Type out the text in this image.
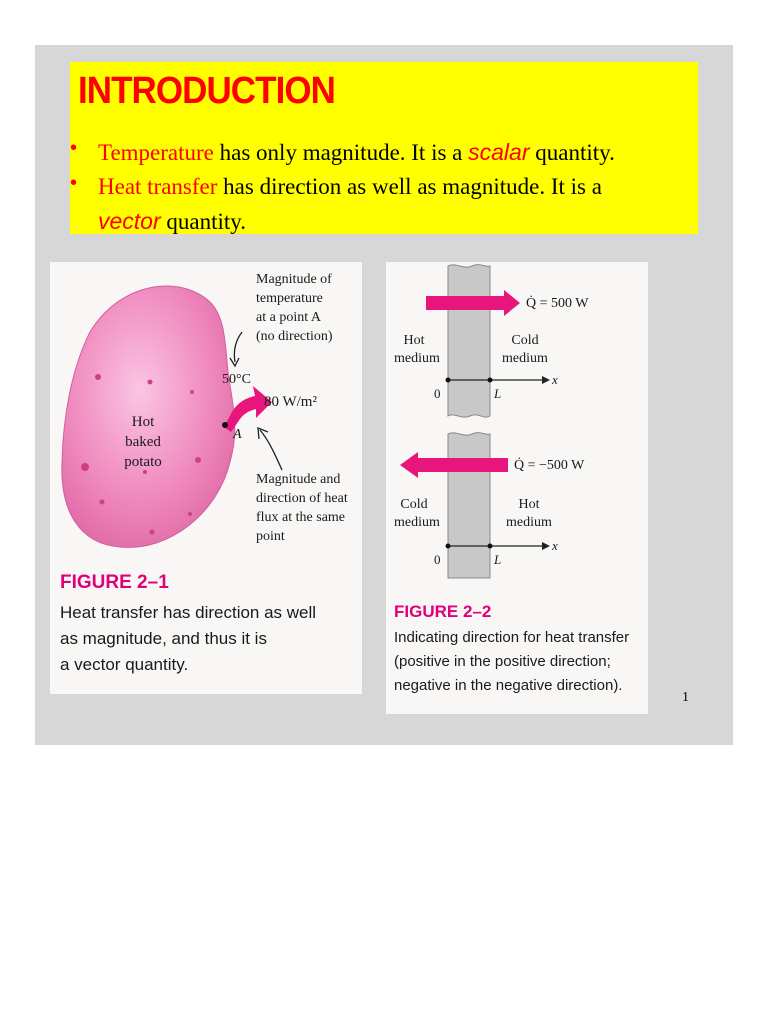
INTRODUCTION
• Temperature has only magnitude. It is a scalar quantity.
• Heat transfer has direction as well as magnitude. It is a
vector quantity.
Magnitude of
temperature
at a point A
(no direction)
50°C
80 W/m²
A
Hot
baked
potato
Magnitude and
direction of heat
flux at the same
point
FIGURE 2–1
Heat transfer has direction as well
as magnitude, and thus it is
a vector quantity.
Q̇ = 500 W
Hot
medium
Cold
medium
0	L
x
Q̇ = −500 W
Cold
medium
Hot
medium
0	L
x
FIGURE 2–2
Indicating direction for heat transfer
(positive in the positive direction;
negative in the negative direction).
1
